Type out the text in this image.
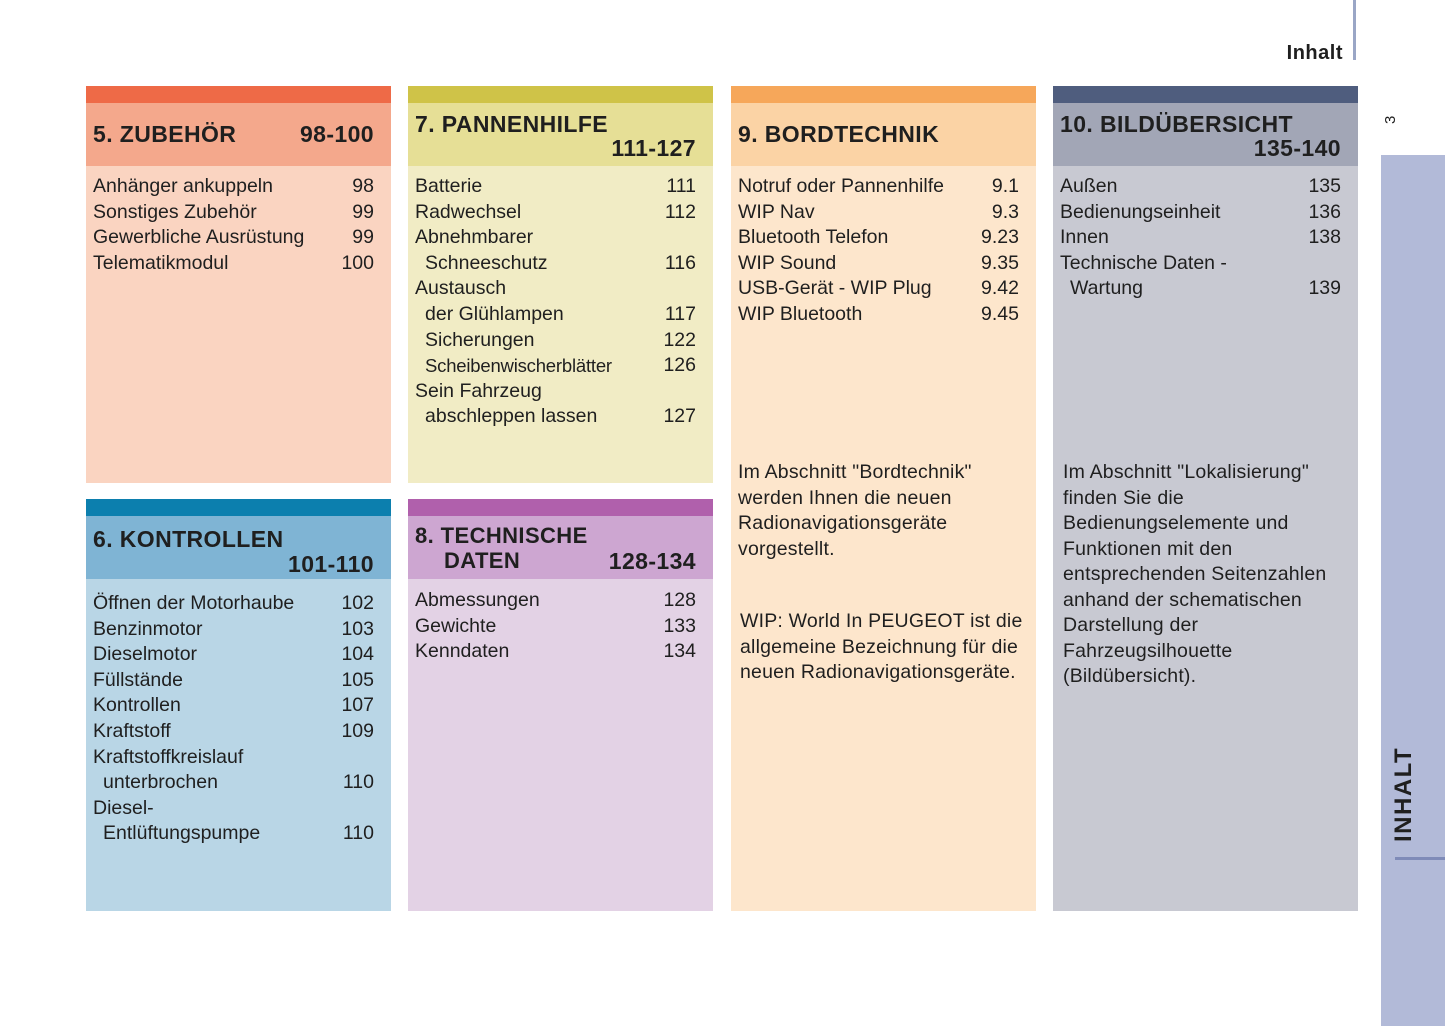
Inhalt
3
INHALT
5. ZUBEHÖR	98-100
Anhänger ankuppeln	98
Sonstiges Zubehör	99
Gewerbliche Ausrüstung 99
Telematikmodul	100
7. PANNENHILFE
111-127
Batterie	111
Radwechsel	112
Abnehmbarer
Schneeschutz	116
Austausch
der Glühlampen	117
Sicherungen	122
Scheibenwischerblätter	126
Sein Fahrzeug
abschleppen lassen	127
9. BORDTECHNIK
Notruf oder Pannenhilfe 9.1
WIP Nav	9.3
Bluetooth Telefon	9.23
WIP Sound	9.35
USB-Gerät - WIP Plug	9.42
WIP Bluetooth	9.45
Im Abschnitt "Bordtechnik" werden Ihnen die neuen Radionavigationsgeräte vorgestellt.
WIP: World In PEUGEOT ist die allgemeine Bezeichnung für die neuen Radionavigationsgeräte.
10. BILDÜBERSICHT
135-140
Außen	135
Bedienungseinheit	136
Innen	138
Technische Daten -
Wartung	139
Im Abschnitt "Lokalisierung" finden Sie die Bedienungselemente und Funktionen mit den entsprechenden Seitenzahlen anhand der schematischen Darstellung der Fahrzeugsilhouette (Bildübersicht).
6. KONTROLLEN
101-110
Öffnen der Motorhaube 102
Benzinmotor	103
Dieselmotor	104
Füllstände	105
Kontrollen	107
Kraftstoff	109
Kraftstoffkreislauf
unterbrochen	110
Diesel-
Entlüftungspumpe	110
8. TECHNISCHE
DATEN	128-134
Abmessungen	128
Gewichte	133
Kenndaten	134
